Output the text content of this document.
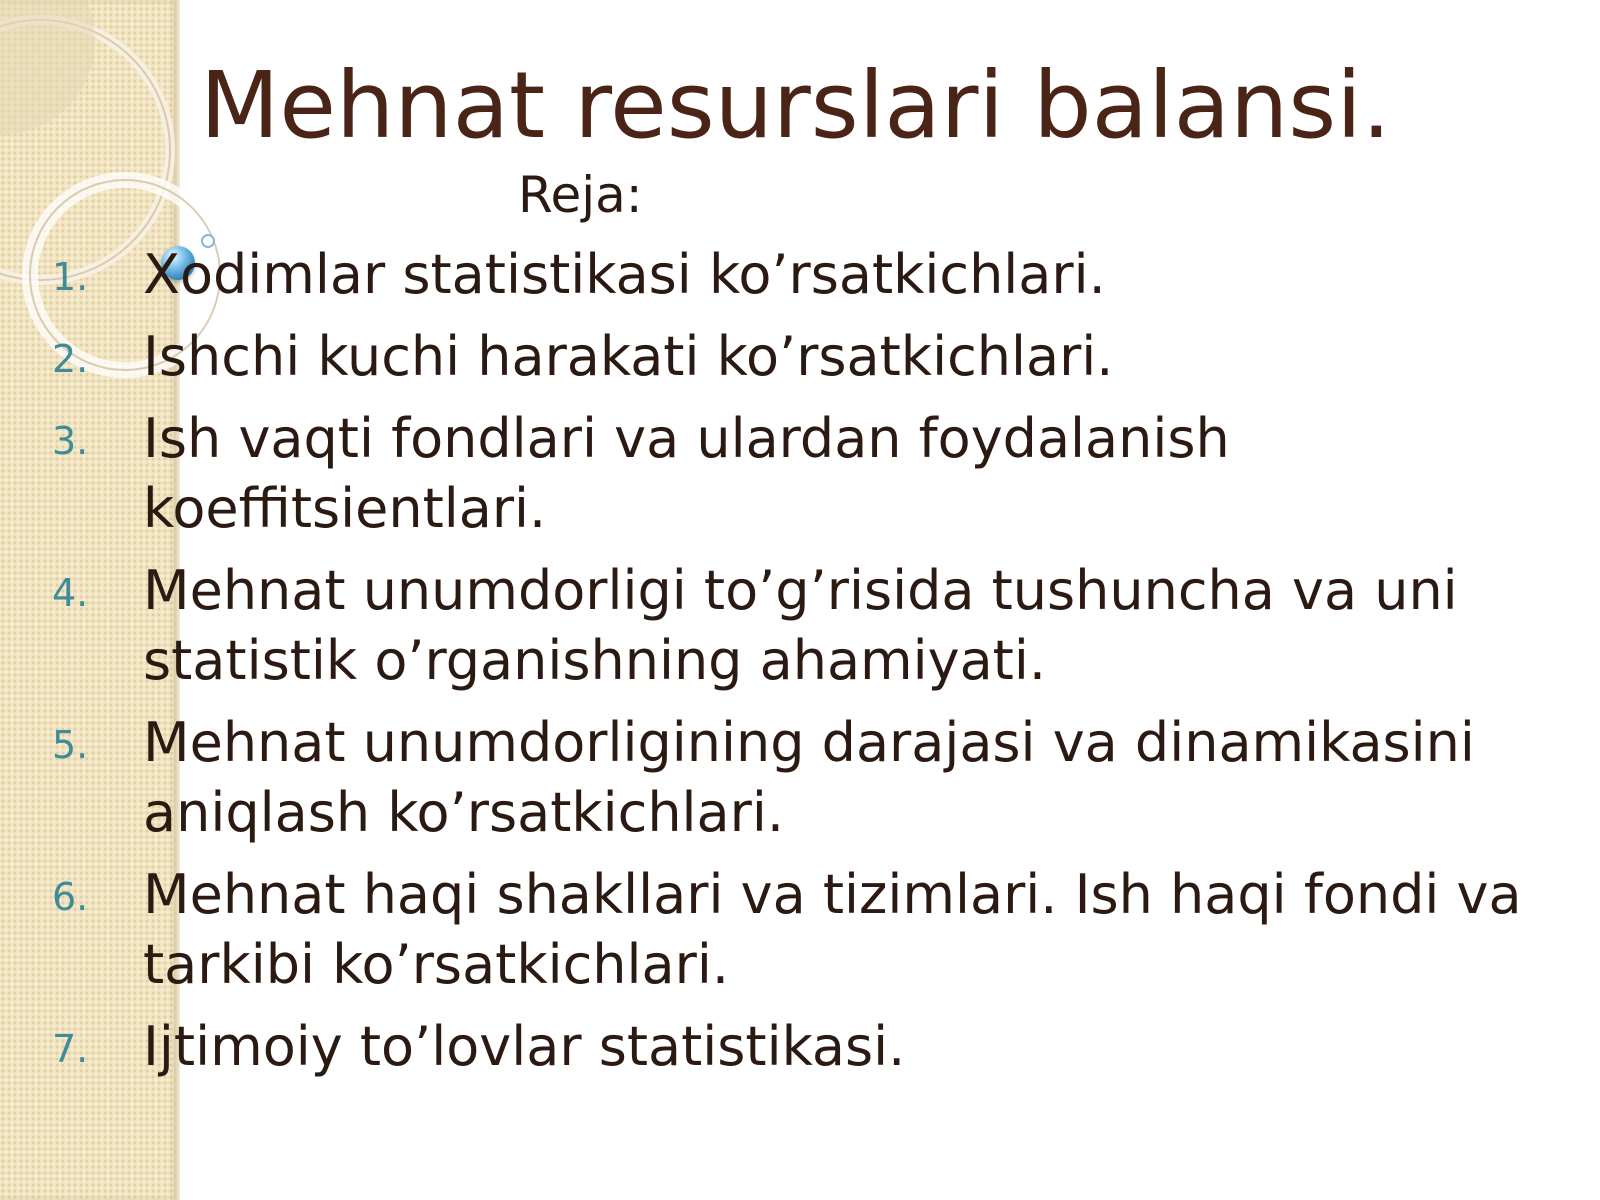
Mehnat resurslari balansi.
Reja:
1. Xodimlar statistikasi ko’rsatkichlari.
2. Ishchi kuchi harakati ko’rsatkichlari.
3. Ish vaqti fondlari va ulardan foydalanish koeffitsientlari.
4. Mehnat unumdorligi to’g’risida tushuncha va uni statistik o’rganishning ahamiyati.
5. Mehnat unumdorligining darajasi va dinamikasini aniqlash ko’rsatkichlari.
6. Mehnat haqi shakllari va tizimlari. Ish haqi fondi va tarkibi ko’rsatkichlari.
7. Ijtimoiy to’lovlar statistikasi.
